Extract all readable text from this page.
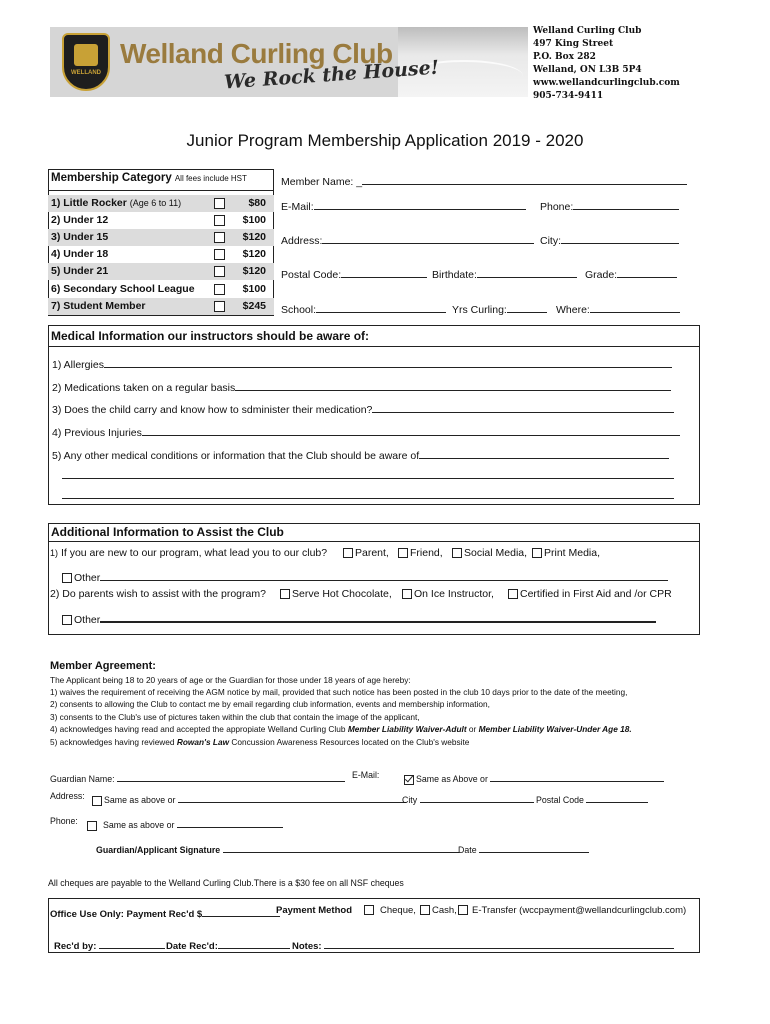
WELLAND
Welland Curling Club
We Rock the House!
Welland Curling Club
497 King Street
P.O. Box 282
Welland, ON L3B 5P4
www.wellandcurlingclub.com
905-734-9411
Junior Program Membership Application 2019 - 2020
Membership Category All fees include HST
1) Little Rocker (Age 6 to 11)	$80
2) Under 12	$100
3) Under 15	$120
4) Under 18	$120
5) Under 21	$120
6) Secondary School League	$100
7) Student Member	$245
Member Name: _
E-Mail:	Phone:
Address:	City:
Postal Code:	Birthdate:	Grade:
School:	Yrs Curling:	Where:
Medical Information our instructors should be aware of:
1) Allergies
2) Medications taken on a regular basis
3) Does the child carry and know how to sdminister their medication?
4) Previous Injuries
5) Any other medical conditions or information that the Club should be aware of
Additional Information to Assist the Club
1) If you are new to our program, what lead you to our club?	Parent,	Friend,	Social Media,	Print Media,
Other
2) Do parents wish to assist with the program?	Serve Hot Chocolate,	On Ice Instructor,	Certified in First Aid and /or CPR
Other
Member Agreement:
The Applicant being 18 to 20 years of age or the Guardian for those under 18 years of age hereby:
1) waives the requirement of receiving the AGM notice by mail, provided that such notice has been posted in the club 10 days prior to the date of the meeting,
2) consents to allowing the Club to contact me by email regarding club information, events and membership information,
3) consents to the Club's use of pictures taken within the club that contain the image of the applicant,
4) acknowledges having read and accepted the appropiate Welland Curling Club Member Liability Waiver-Adult or Member Liability Waiver-Under Age 18.
5) acknowledges having reviewed Rowan's Law Concussion Awareness Resources located on the Club's website
Guardian Name:	E-Mail:	Same as Above or
Address:	Same as above or	City	Postal Code
Phone:	Same as above or
Guardian/Applicant Signature	Date
All cheques are payable to the Welland Curling Club.There is a $30 fee on all NSF cheques
Office Use Only: Payment Rec'd $	Payment Method	Cheque,	Cash,	E-Transfer (wccpayment@wellandcurlingclub.com)
Rec'd by:	Date Rec'd:	Notes:
